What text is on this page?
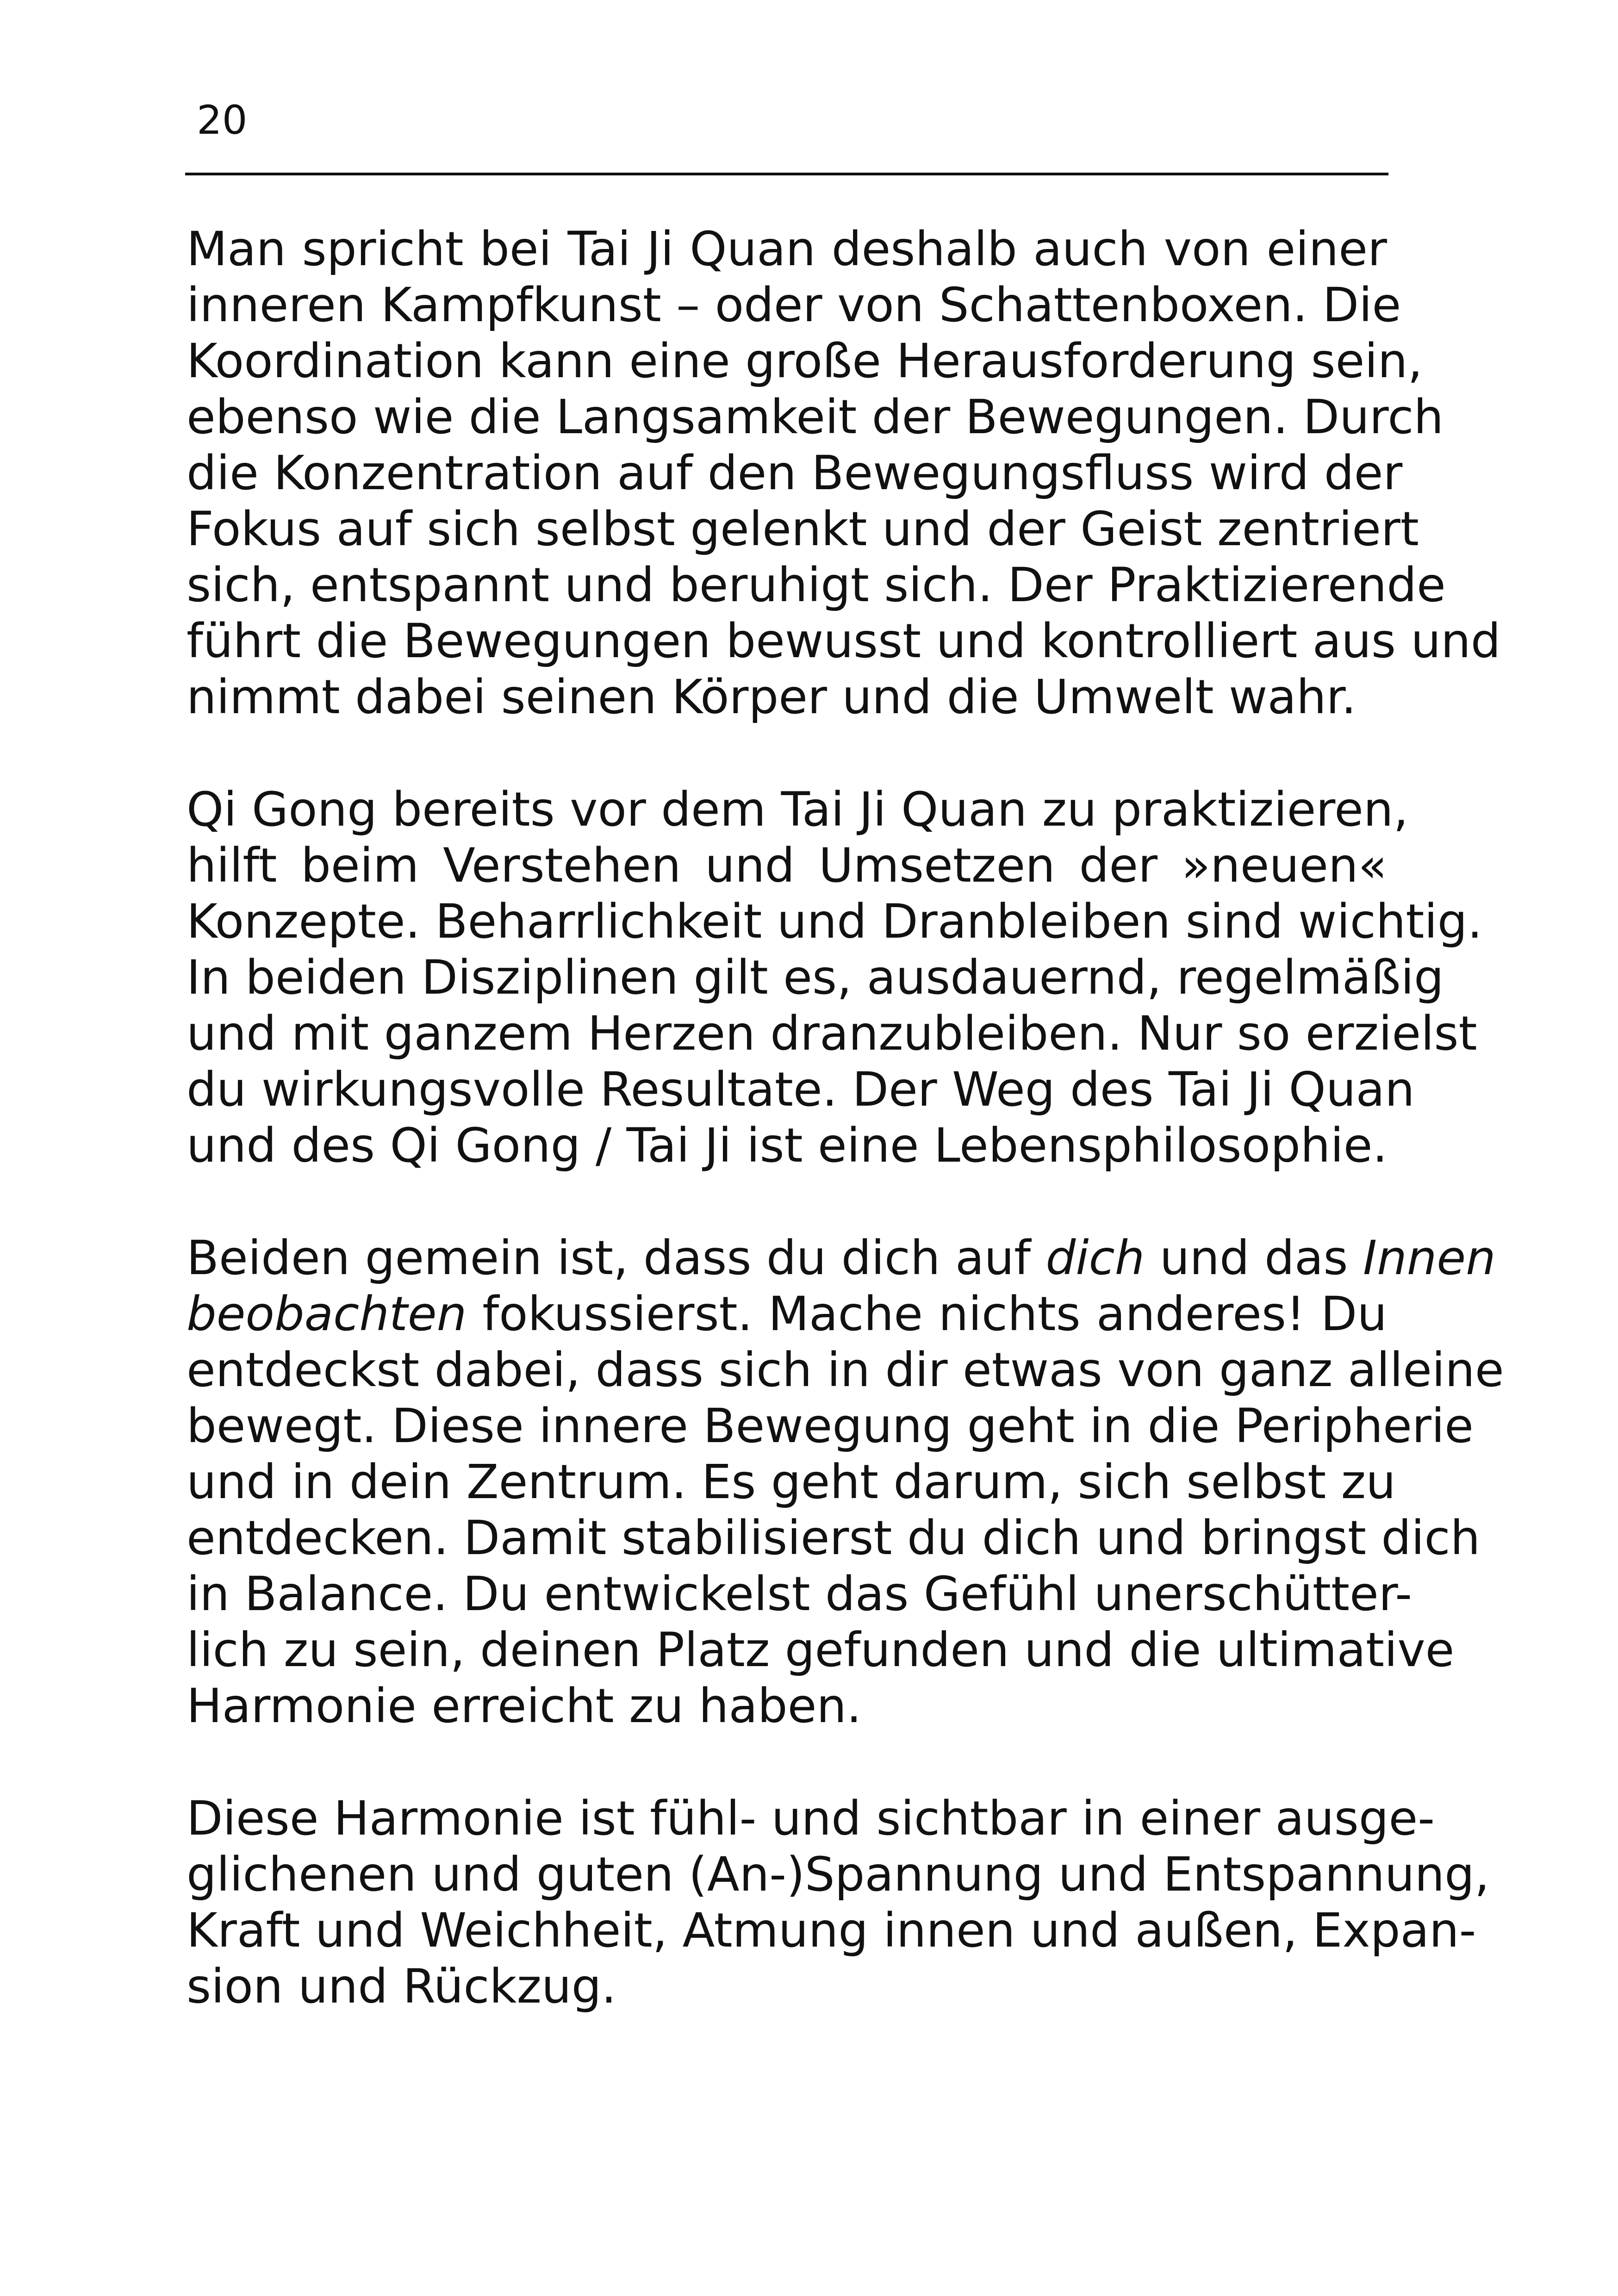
20

Man spricht bei Tai Ji Quan deshalb auch von einer
inneren Kampfkunst – oder von Schattenboxen. Die
Koordination kann eine große Herausforderung sein,
ebenso wie die Langsamkeit der Bewegungen. Durch
die Konzentration auf den Bewegungsfluss wird der
Fokus auf sich selbst gelenkt und der Geist zentriert
sich, entspannt und beruhigt sich. Der Praktizierende
führt die Bewegungen bewusst und kontrolliert aus und
nimmt dabei seinen Körper und die Umwelt wahr.

Qi Gong bereits vor dem Tai Ji Quan zu praktizieren,
hilft beim Verstehen und Umsetzen der »neuen«
Konzepte. Beharrlichkeit und Dranbleiben sind wichtig.
In beiden Disziplinen gilt es, ausdauernd, regelmäßig
und mit ganzem Herzen dranzubleiben. Nur so erzielst
du wirkungsvolle Resultate. Der Weg des Tai Ji Quan
und des Qi Gong / Tai Ji ist eine Lebensphilosophie.

Beiden gemein ist, dass du dich auf dich und das Innen
beobachten fokussierst. Mache nichts anderes! Du
entdeckst dabei, dass sich in dir etwas von ganz alleine
bewegt. Diese innere Bewegung geht in die Peripherie
und in dein Zentrum. Es geht darum, sich selbst zu
entdecken. Damit stabilisierst du dich und bringst dich
in Balance. Du entwickelst das Gefühl unerschütter-
lich zu sein, deinen Platz gefunden und die ultimative
Harmonie erreicht zu haben.

Diese Harmonie ist fühl- und sichtbar in einer ausge-
glichenen und guten (An-)Spannung und Entspannung,
Kraft und Weichheit, Atmung innen und außen, Expan-
sion und Rückzug.
